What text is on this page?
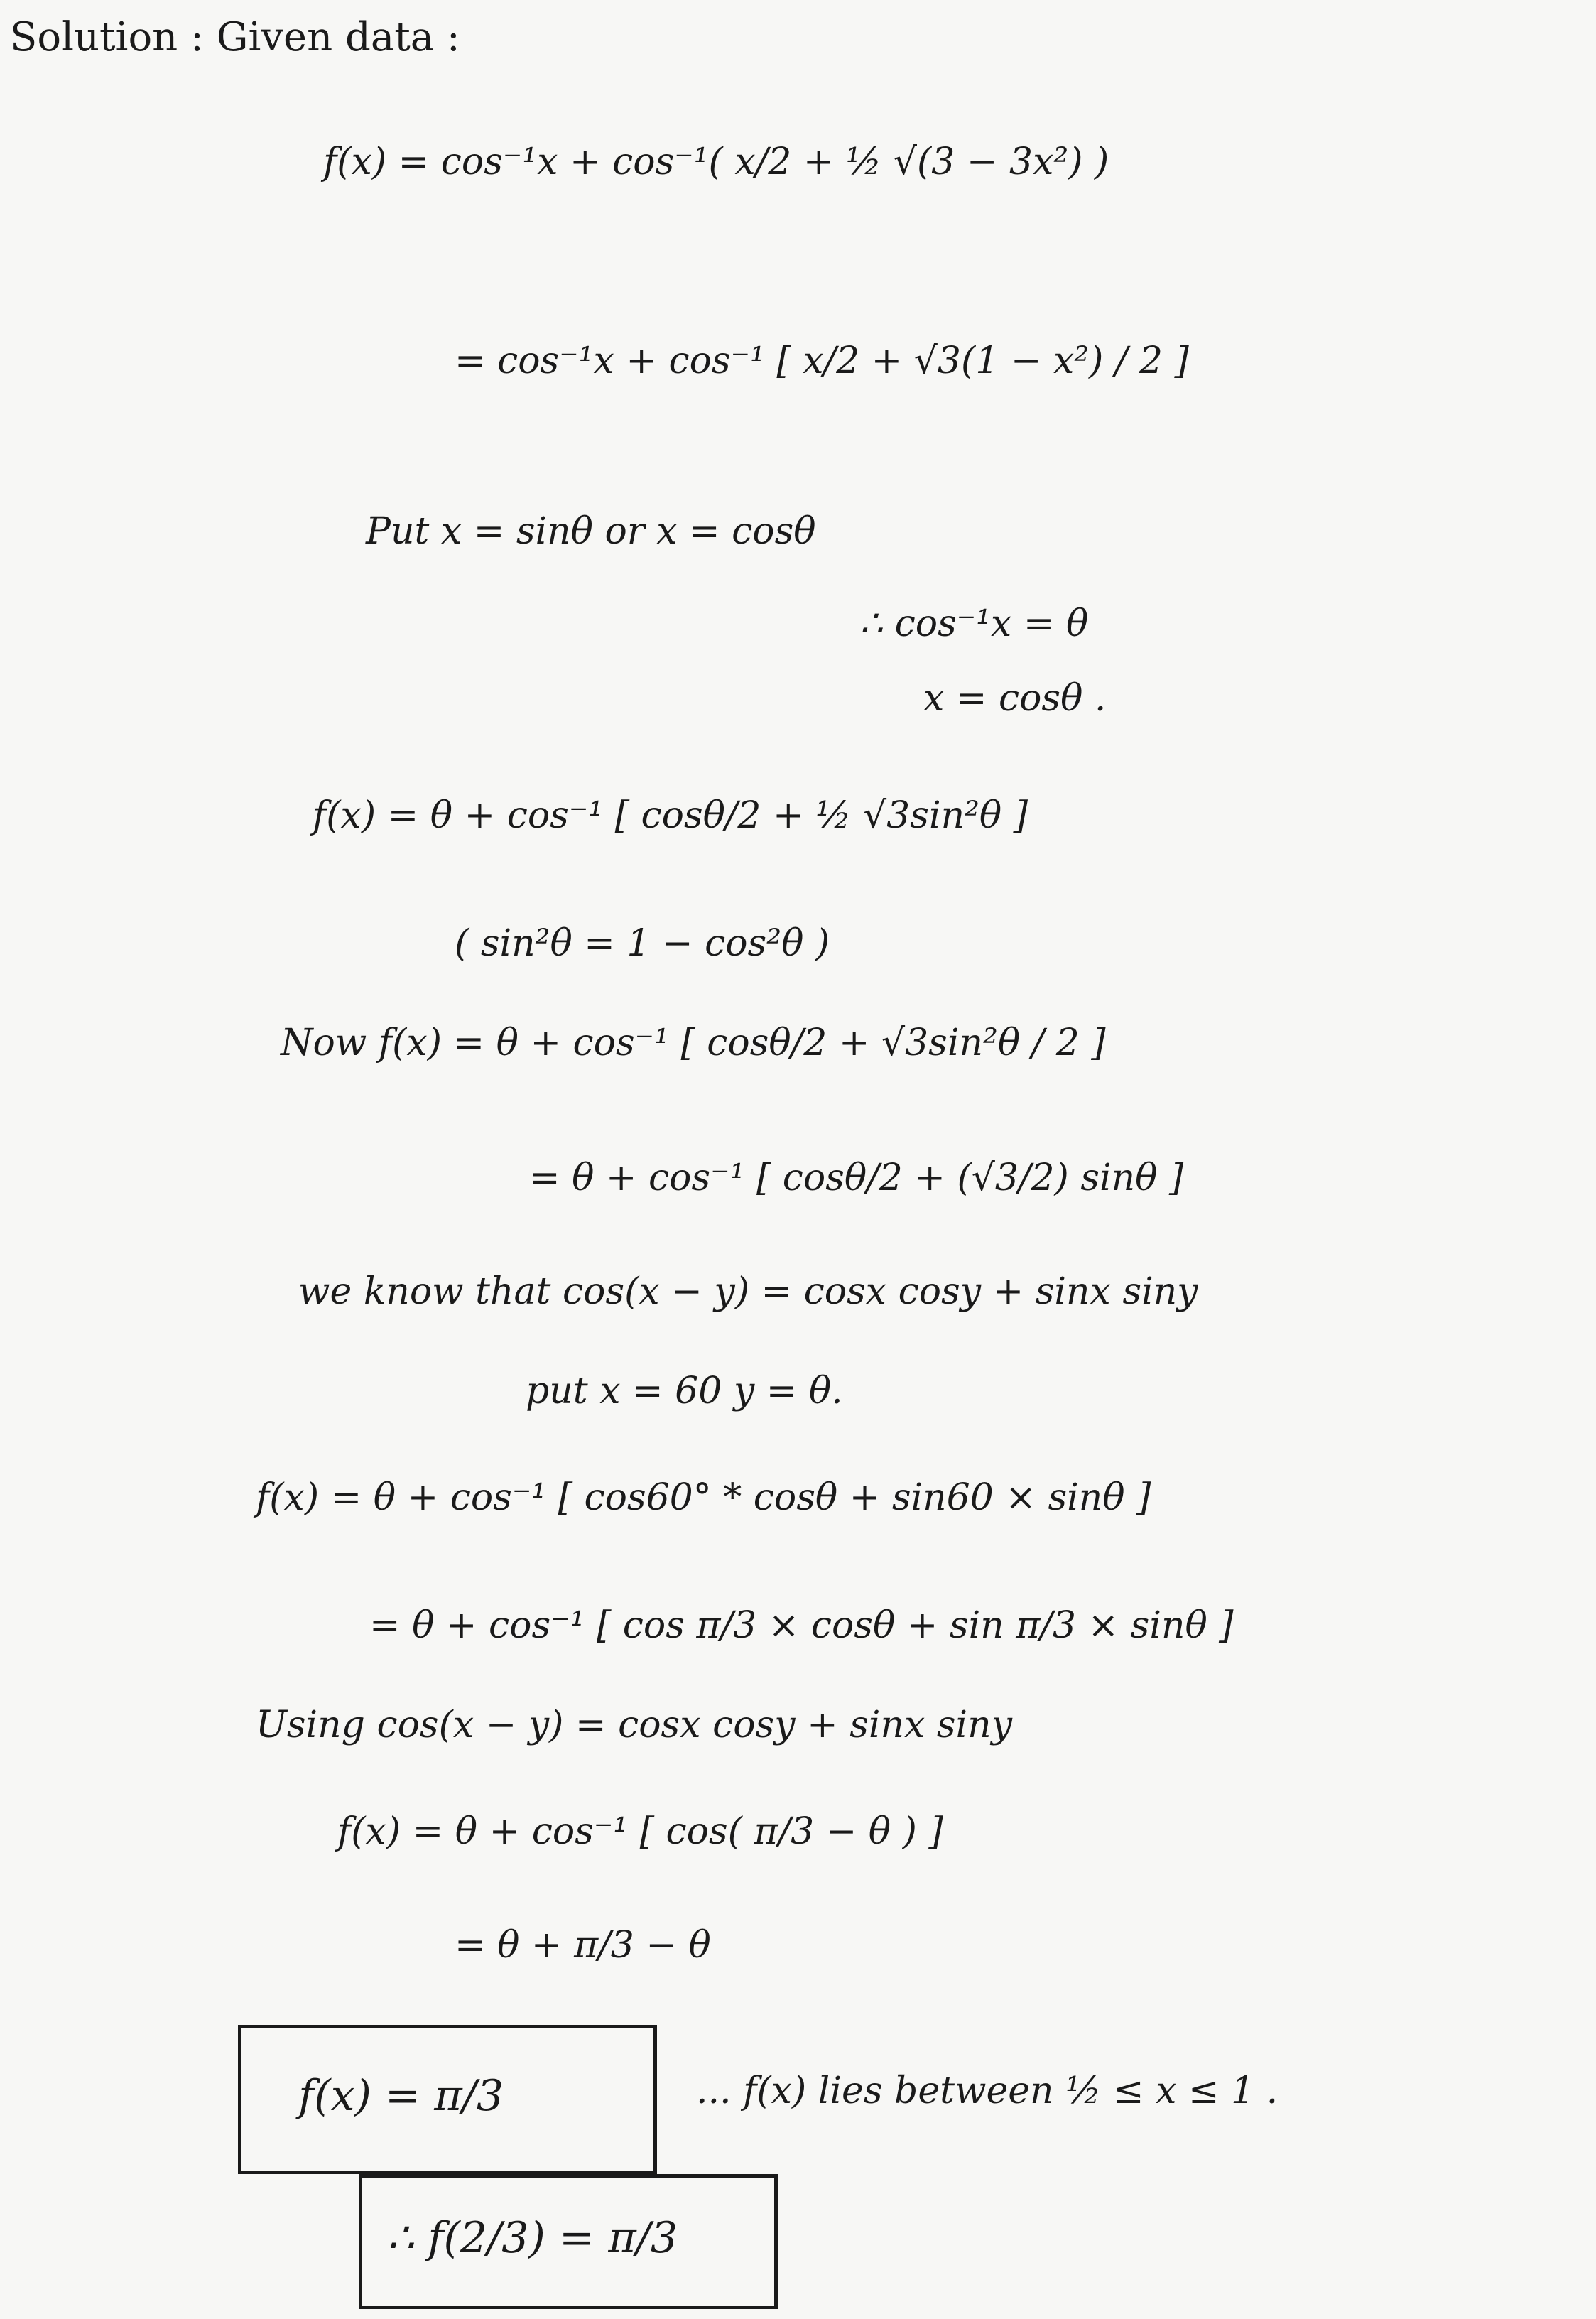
Solution : Given data :
f(x) = cos⁻¹x + cos⁻¹( x/2 + ½ √(3 − 3x²) )
= cos⁻¹x + cos⁻¹ [ x/2 + √3(1 − x²) / 2 ]
Put x = sinθ or x = cosθ
∴ cos⁻¹x = θ
x = cosθ .
f(x) = θ + cos⁻¹ [ cosθ/2 + ½ √3sin²θ ]
( sin²θ = 1 − cos²θ )
Now f(x) = θ + cos⁻¹ [ cosθ/2 + √3sin²θ / 2 ]
= θ + cos⁻¹ [ cosθ/2 + (√3/2) sinθ ]
we know that cos(x − y) = cosx cosy + sinx siny
put x = 60 y = θ.
f(x) = θ + cos⁻¹ [ cos60° * cosθ + sin60 × sinθ ]
= θ + cos⁻¹ [ cos π/3 × cosθ + sin π/3 × sinθ ]
Using cos(x − y) = cosx cosy + sinx siny
f(x) = θ + cos⁻¹ [ cos( π/3 − θ ) ]
= θ + π/3 − θ
f(x) = π/3	... f(x) lies between ½ ≤ x ≤ 1 .
∴ f(2/3) = π/3
